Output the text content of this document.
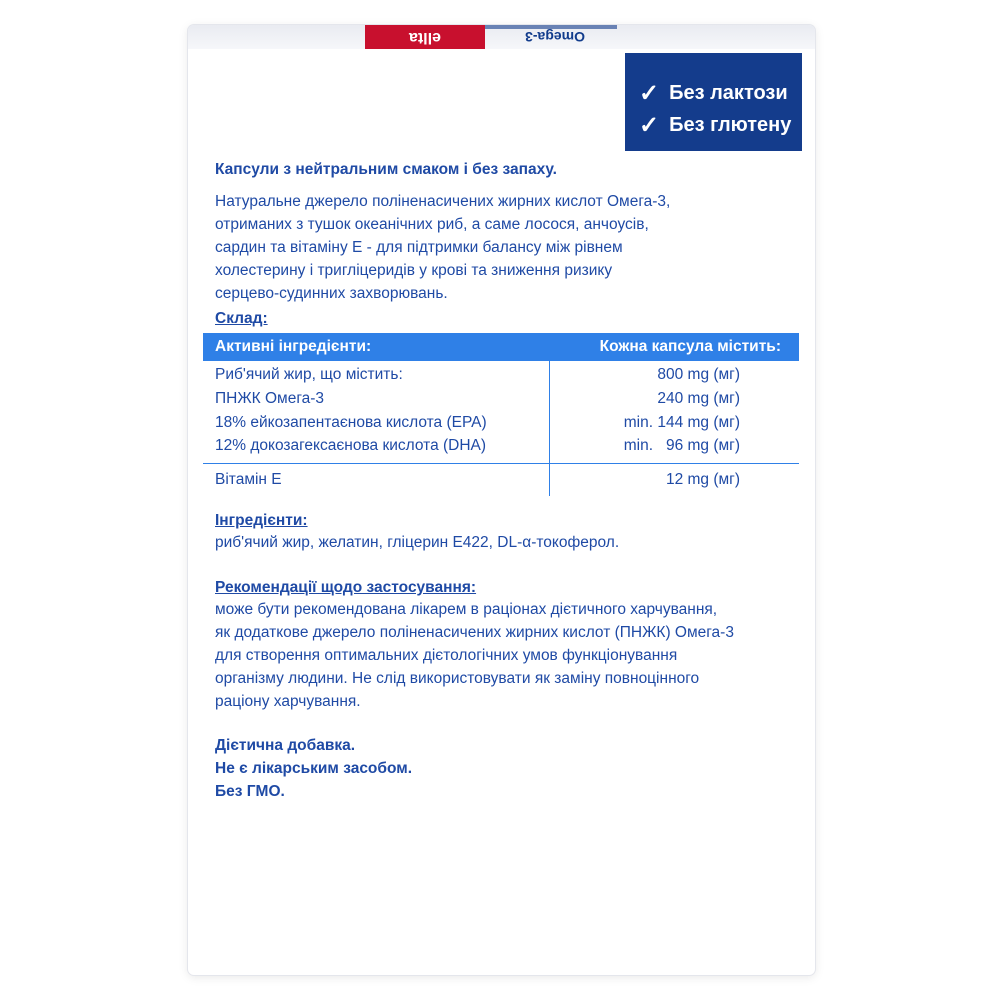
ellta	Omega-3
✓ Без лактози
✓ Без глютену
Капсули з нейтральним смаком і без запаху.
Натуральне джерело поліненасичених жирних кислот Омега-3,
отриманих з тушок океанічних риб, а саме лосося, анчоусів,
сардин та вітаміну Е - для підтримки балансу між рівнем
холестерину і тригліцеридів у крові та зниження ризику
серцево-судинних захворювань.
Склад:
Активні інгредієнти:	Кожна капсула містить:
Риб'ячий жир, що містить:	800 mg (мг)
ПНЖК Омега-3	240 mg (мг)
18% ейкозапентаєнова кислота (EPA)	min. 144 mg (мг)
12% докозагексаєнова кислота (DHA)	min.   96 mg (мг)
Вітамін Е	12 mg (мг)
Інгредієнти:
риб'ячий жир, желатин, гліцерин Е422, DL-α-токоферол.
Рекомендації щодо застосування:
може бути рекомендована лікарем в раціонах дієтичного харчування,
як додаткове джерело поліненасичених жирних кислот (ПНЖК) Омега-3
для створення оптимальних дієтологічних умов функціонування
організму людини. Не слід використовувати як заміну повноцінного
раціону харчування.
Дієтична добавка.
Не є лікарським засобом.
Без ГМО.
